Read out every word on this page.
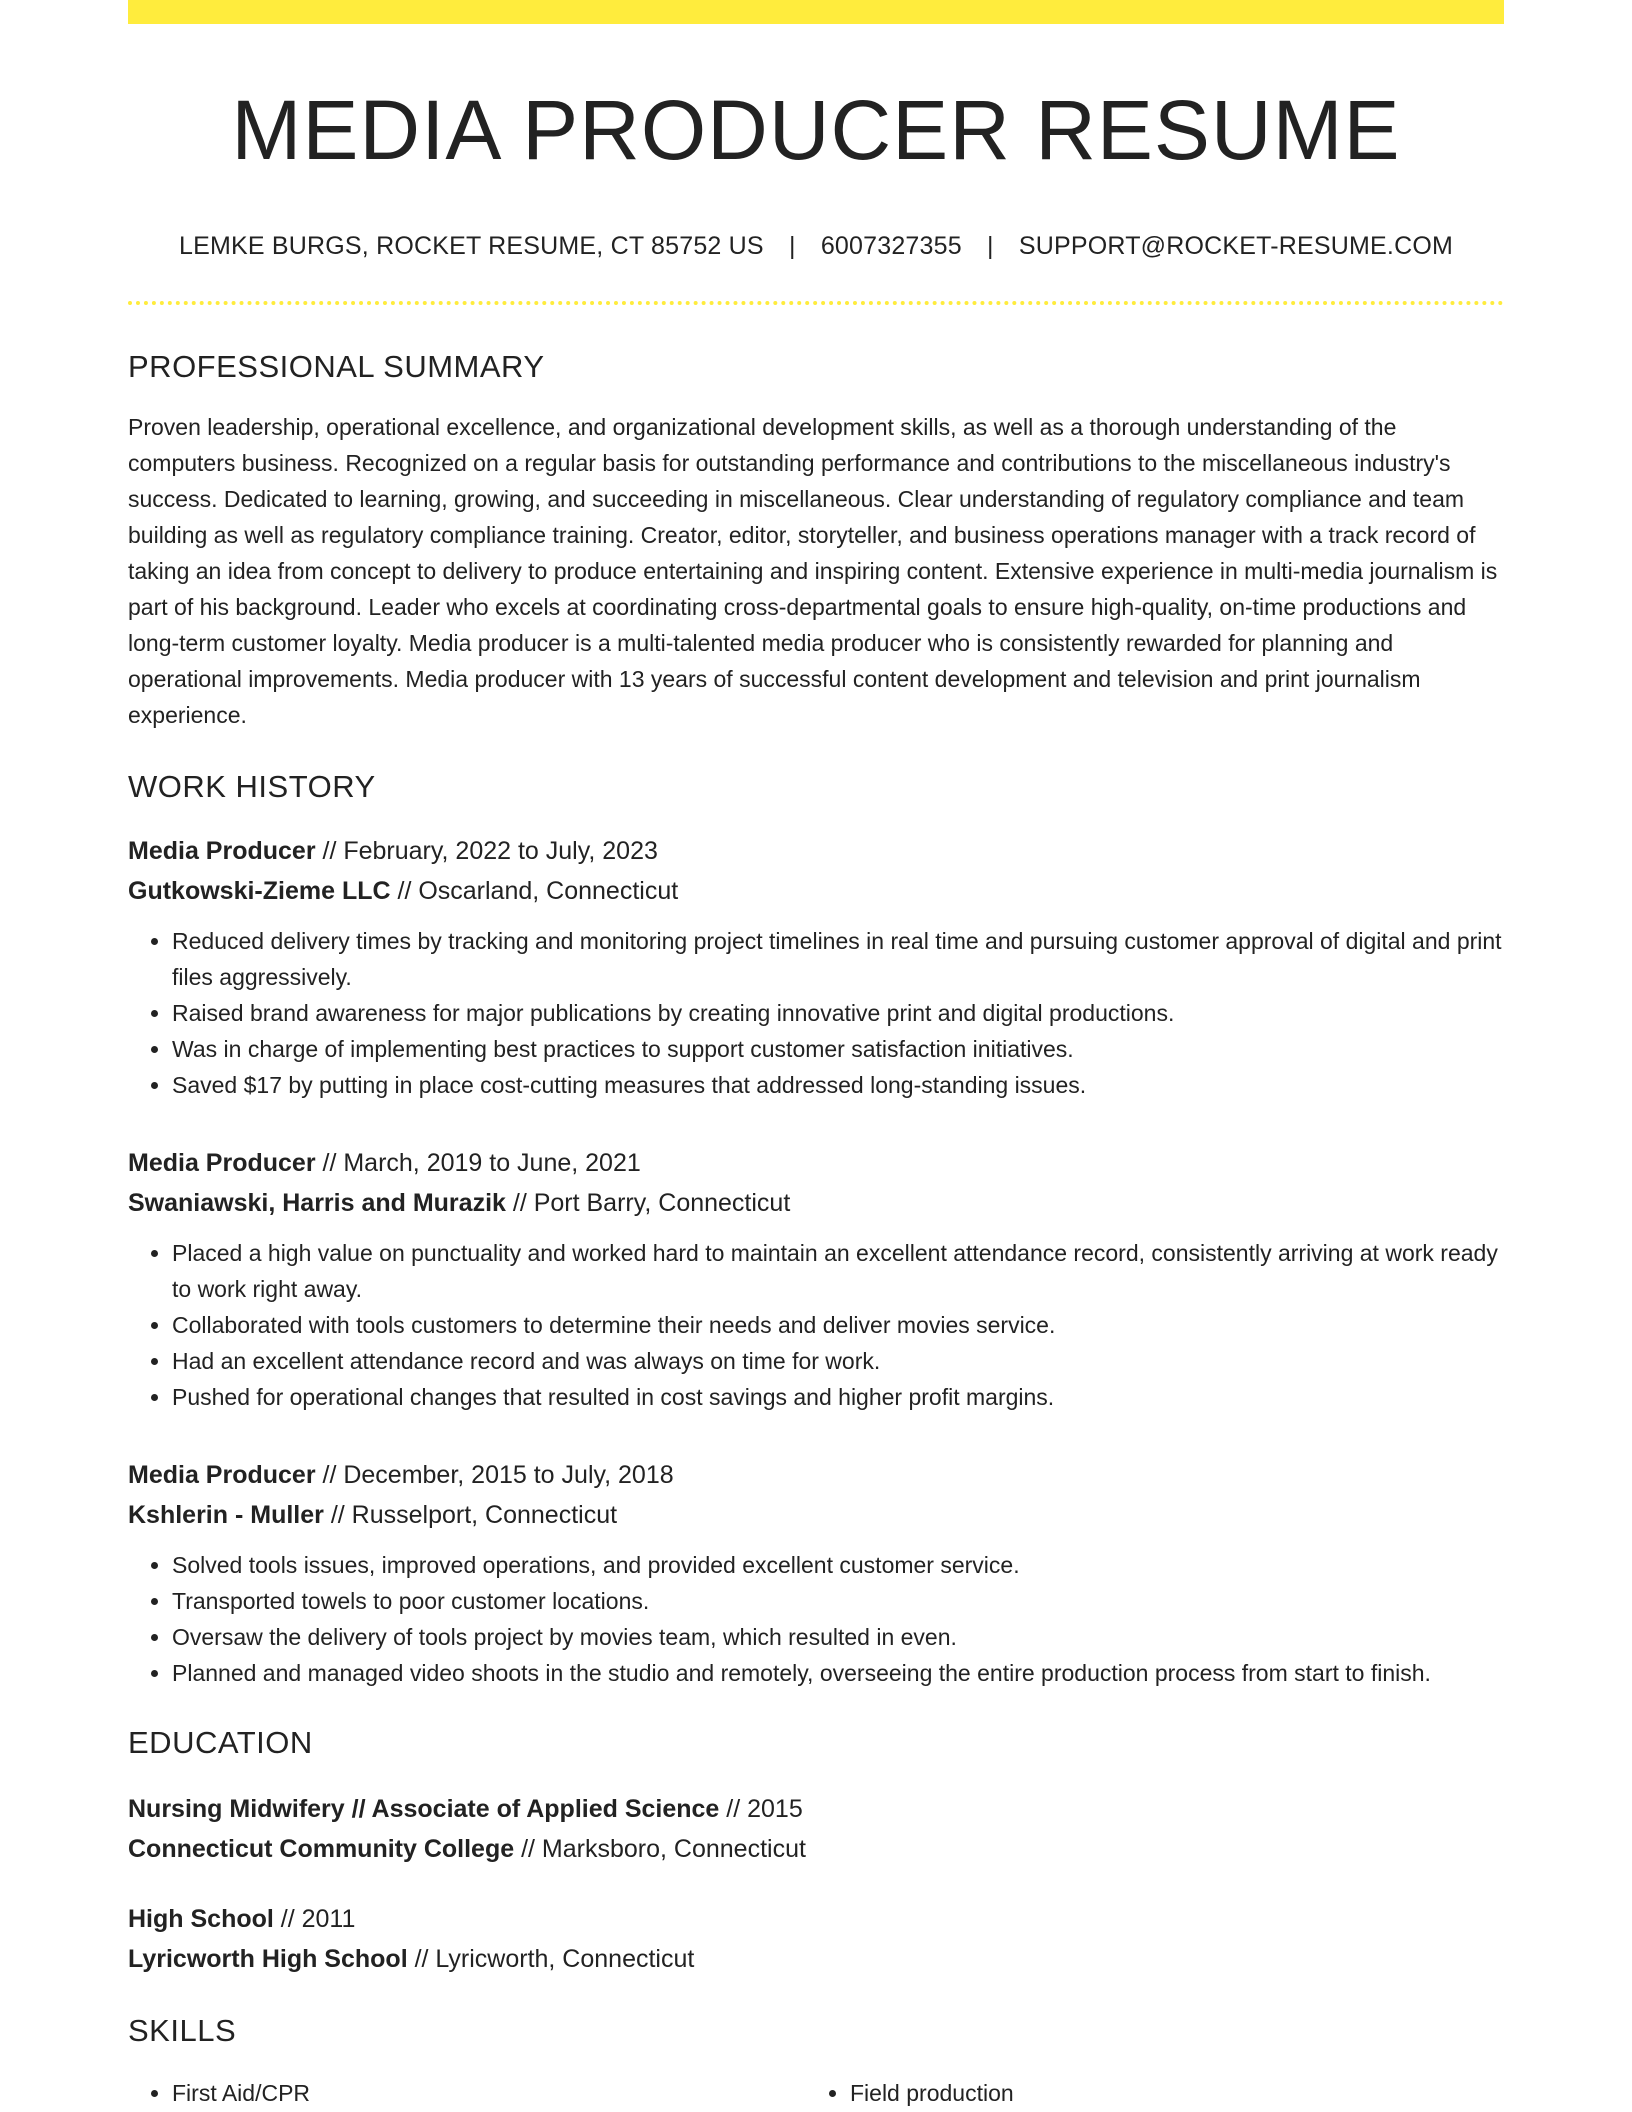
MEDIA PRODUCER RESUME
LEMKE BURGS, ROCKET RESUME, CT 85752 US | 6007327355 | SUPPORT@ROCKET-RESUME.COM
PROFESSIONAL SUMMARY
Proven leadership, operational excellence, and organizational development skills, as well as a thorough understanding of the computers business. Recognized on a regular basis for outstanding performance and contributions to the miscellaneous industry's success. Dedicated to learning, growing, and succeeding in miscellaneous. Clear understanding of regulatory compliance and team building as well as regulatory compliance training. Creator, editor, storyteller, and business operations manager with a track record of taking an idea from concept to delivery to produce entertaining and inspiring content. Extensive experience in multi-media journalism is part of his background. Leader who excels at coordinating cross-departmental goals to ensure high-quality, on-time productions and long-term customer loyalty. Media producer is a multi-talented media producer who is consistently rewarded for planning and operational improvements. Media producer with 13 years of successful content development and television and print journalism experience.
WORK HISTORY
Media Producer // February, 2022 to July, 2023
Gutkowski-Zieme LLC // Oscarland, Connecticut
• Reduced delivery times by tracking and monitoring project timelines in real time and pursuing customer approval of digital and print files aggressively.
• Raised brand awareness for major publications by creating innovative print and digital productions.
• Was in charge of implementing best practices to support customer satisfaction initiatives.
• Saved $17 by putting in place cost-cutting measures that addressed long-standing issues.
Media Producer // March, 2019 to June, 2021
Swaniawski, Harris and Murazik // Port Barry, Connecticut
• Placed a high value on punctuality and worked hard to maintain an excellent attendance record, consistently arriving at work ready to work right away.
• Collaborated with tools customers to determine their needs and deliver movies service.
• Had an excellent attendance record and was always on time for work.
• Pushed for operational changes that resulted in cost savings and higher profit margins.
Media Producer // December, 2015 to July, 2018
Kshlerin - Muller // Russelport, Connecticut
• Solved tools issues, improved operations, and provided excellent customer service.
• Transported towels to poor customer locations.
• Oversaw the delivery of tools project by movies team, which resulted in even.
• Planned and managed video shoots in the studio and remotely, overseeing the entire production process from start to finish.
EDUCATION
Nursing Midwifery // Associate of Applied Science // 2015
Connecticut Community College // Marksboro, Connecticut
High School // 2011
Lyricworth High School // Lyricworth, Connecticut
SKILLS
• First Aid/CPR
•	Field production
